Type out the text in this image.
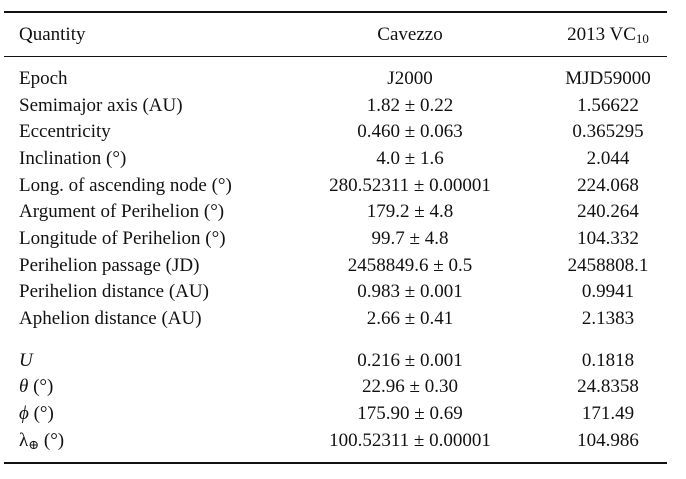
Quantity	Cavezzo	2013 $VC_{10}$
Epoch	J2000	MJD59000
Semimajor axis (AU)	1.82 ± 0.22	1.56622
Eccentricity	0.460 ± 0.063	0.365295
Inclination (°)	4.0 ± 1.6	2.044
Long. of ascending node (°)	280.52311 ± 0.00001	224.068
Argument of Perihelion (°)	179.2 ± 4.8	240.264
Longitude of Perihelion (°)	99.7 ± 4.8	104.332
Perihelion passage (JD)	2458849.6 ± 0.5	2458808.1
Perihelion distance (AU)	0.983 ± 0.001	0.9941
Aphelion distance (AU)	2.66 ± 0.41	2.1383
U	0.216 ± 0.001	0.1818
θ (°)	22.96 ± 0.30	24.8358
ϕ (°)	175.90 ± 0.69	171.49
$\lambda_\oplus$ (°)	100.52311 ± 0.00001	104.986
